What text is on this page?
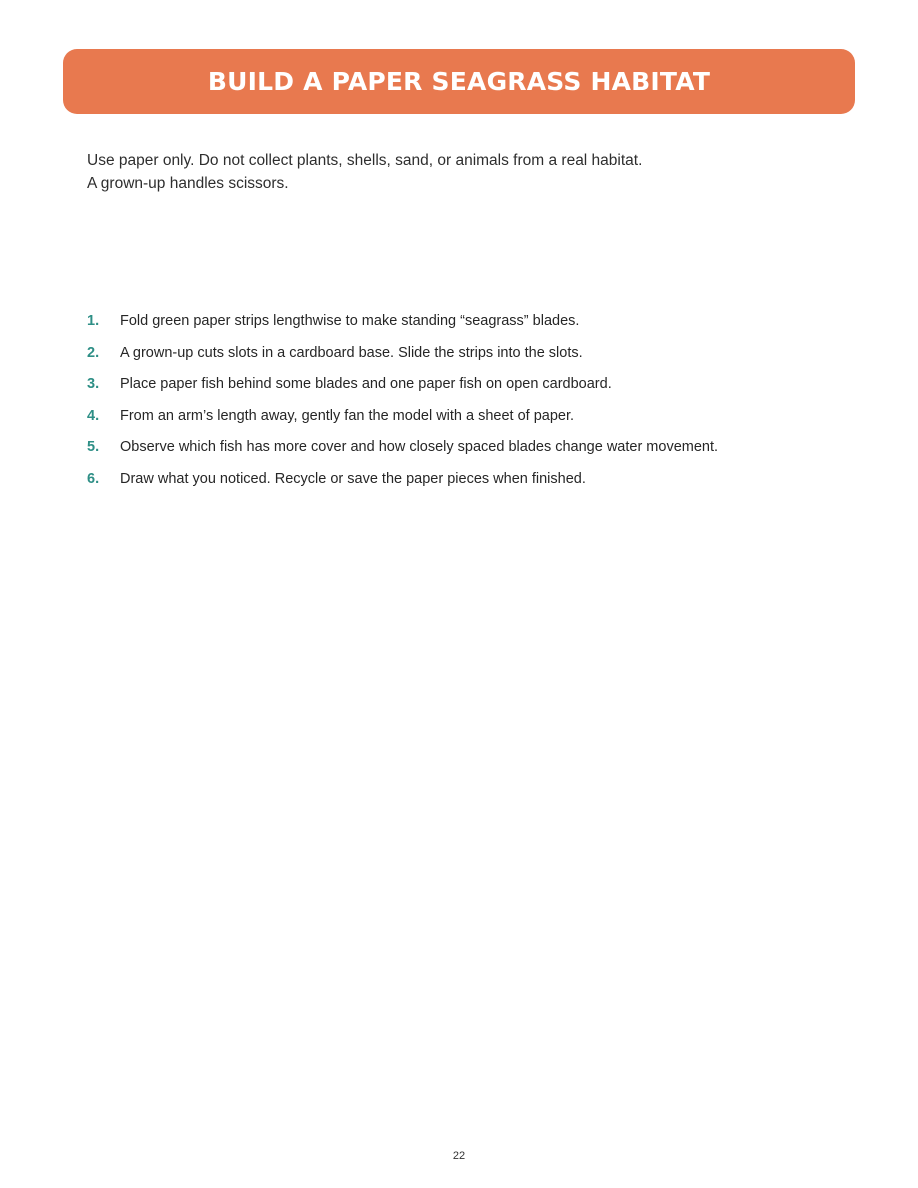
BUILD A PAPER SEAGRASS HABITAT

Use paper only. Do not collect plants, shells, sand, or animals from a real habitat. A grown-up handles scissors.

1.	Fold green paper strips lengthwise to make standing “seagrass” blades.
2.	A grown-up cuts slots in a cardboard base. Slide the strips into the slots.
3.	Place paper fish behind some blades and one paper fish on open cardboard.
4.	From an arm’s length away, gently fan the model with a sheet of paper.
5.	Observe which fish has more cover and how closely spaced blades change water movement.
6.	Draw what you noticed. Recycle or save the paper pieces when finished.
22
